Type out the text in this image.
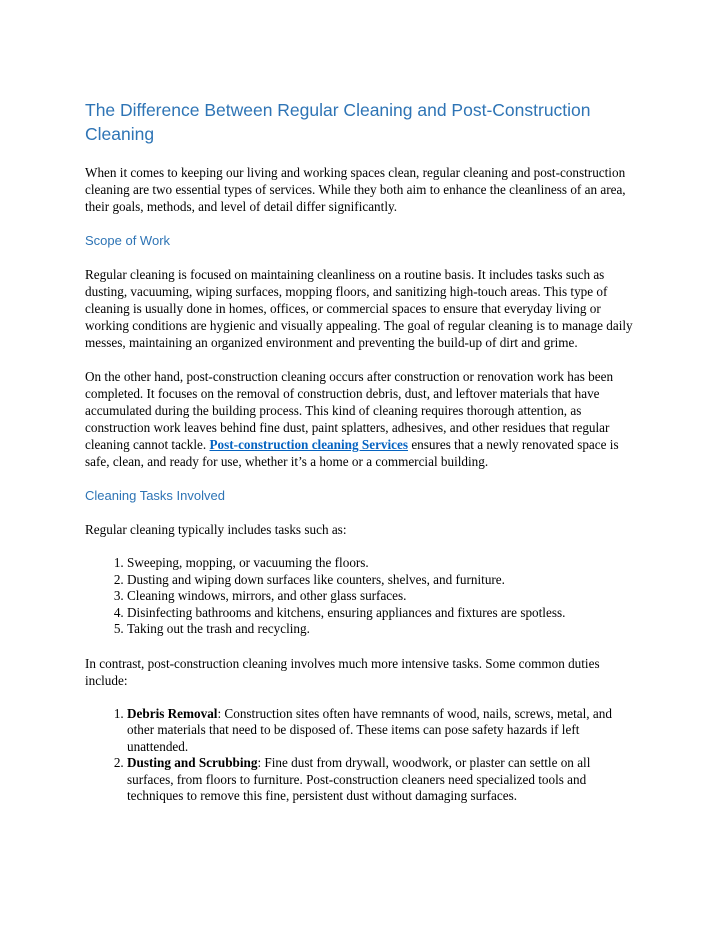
The Difference Between Regular Cleaning and Post-Construction Cleaning

When it comes to keeping our living and working spaces clean, regular cleaning and post-construction cleaning are two essential types of services. While they both aim to enhance the cleanliness of an area, their goals, methods, and level of detail differ significantly.

Scope of Work

Regular cleaning is focused on maintaining cleanliness on a routine basis. It includes tasks such as dusting, vacuuming, wiping surfaces, mopping floors, and sanitizing high-touch areas. This type of cleaning is usually done in homes, offices, or commercial spaces to ensure that everyday living or working conditions are hygienic and visually appealing. The goal of regular cleaning is to manage daily messes, maintaining an organized environment and preventing the build-up of dirt and grime.

On the other hand, post-construction cleaning occurs after construction or renovation work has been completed. It focuses on the removal of construction debris, dust, and leftover materials that have accumulated during the building process. This kind of cleaning requires thorough attention, as construction work leaves behind fine dust, paint splatters, adhesives, and other residues that regular cleaning cannot tackle. Post-construction cleaning Services ensures that a newly renovated space is safe, clean, and ready for use, whether it’s a home or a commercial building.

Cleaning Tasks Involved

Regular cleaning typically includes tasks such as:

1. Sweeping, mopping, or vacuuming the floors.
2. Dusting and wiping down surfaces like counters, shelves, and furniture.
3. Cleaning windows, mirrors, and other glass surfaces.
4. Disinfecting bathrooms and kitchens, ensuring appliances and fixtures are spotless.
5. Taking out the trash and recycling.

In contrast, post-construction cleaning involves much more intensive tasks. Some common duties include:

1. Debris Removal: Construction sites often have remnants of wood, nails, screws, metal, and other materials that need to be disposed of. These items can pose safety hazards if left unattended.
2. Dusting and Scrubbing: Fine dust from drywall, woodwork, or plaster can settle on all surfaces, from floors to furniture. Post-construction cleaners need specialized tools and techniques to remove this fine, persistent dust without damaging surfaces.
